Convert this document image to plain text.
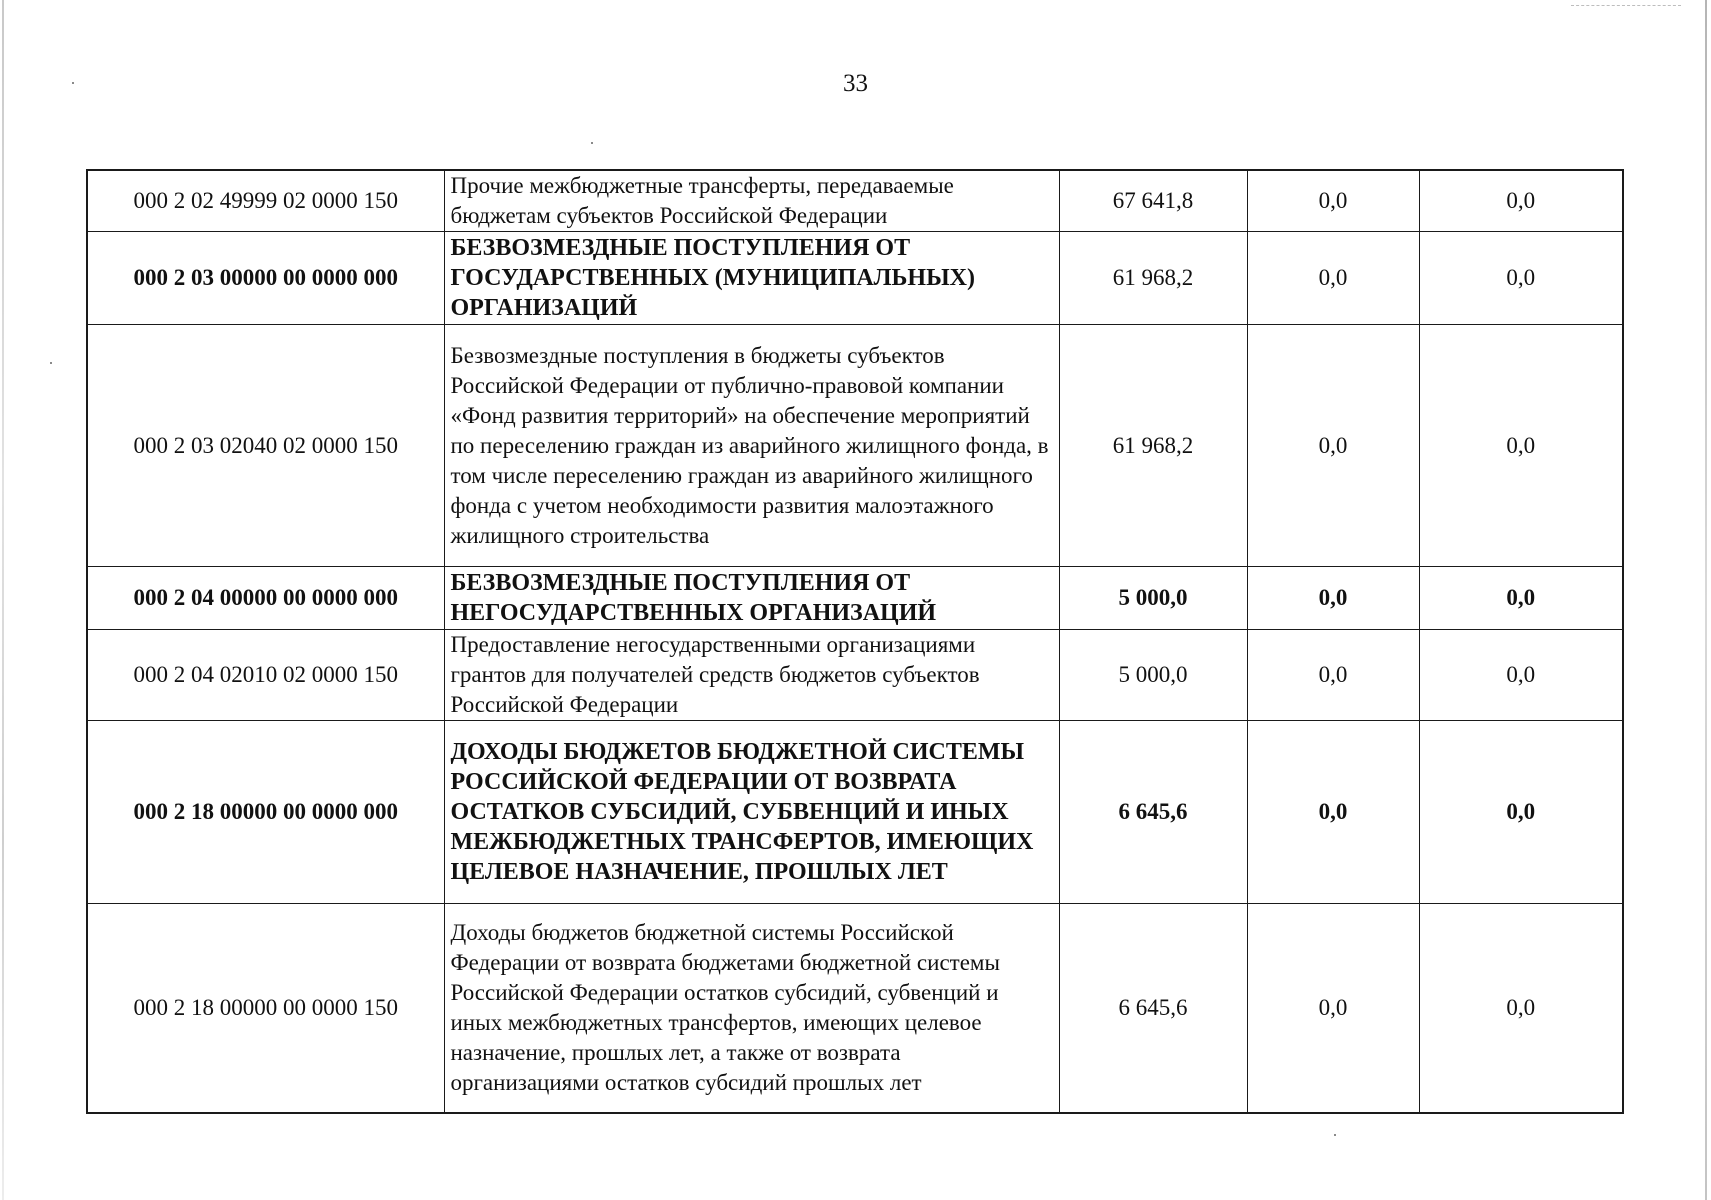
33
000 2 02 49999 02 0000 150	Прочие межбюджетные трансферты, передаваемые бюджетам субъектов Российской Федерации	67 641,8	0,0	0,0
000 2 03 00000 00 0000 000	БЕЗВОЗМЕЗДНЫЕ ПОСТУПЛЕНИЯ ОТ ГОСУДАРСТВЕННЫХ (МУНИЦИПАЛЬНЫХ) ОРГАНИЗАЦИЙ	61 968,2	0,0	0,0
000 2 03 02040 02 0000 150	Безвозмездные поступления в бюджеты субъектов Российской Федерации от публично-правовой компании «Фонд развития территорий» на обеспечение мероприятий по переселению граждан из аварийного жилищного фонда, в том числе переселению граждан из аварийного жилищного фонда с учетом необходимости развития малоэтажного жилищного строительства	61 968,2	0,0	0,0
000 2 04 00000 00 0000 000	БЕЗВОЗМЕЗДНЫЕ ПОСТУПЛЕНИЯ ОТ НЕГОСУДАРСТВЕННЫХ ОРГАНИЗАЦИЙ	5 000,0	0,0	0,0
000 2 04 02010 02 0000 150	Предоставление негосударственными организациями грантов для получателей средств бюджетов субъектов Российской Федерации	5 000,0	0,0	0,0
000 2 18 00000 00 0000 000	ДОХОДЫ БЮДЖЕТОВ БЮДЖЕТНОЙ СИСТЕМЫ РОССИЙСКОЙ ФЕДЕРАЦИИ ОТ ВОЗВРАТА ОСТАТКОВ СУБСИДИЙ, СУБВЕНЦИЙ И ИНЫХ МЕЖБЮДЖЕТНЫХ ТРАНСФЕРТОВ, ИМЕЮЩИХ ЦЕЛЕВОЕ НАЗНАЧЕНИЕ, ПРОШЛЫХ ЛЕТ	6 645,6	0,0	0,0
000 2 18 00000 00 0000 150	Доходы бюджетов бюджетной системы Российской Федерации от возврата бюджетами бюджетной системы Российской Федерации остатков субсидий, субвенций и иных межбюджетных трансфертов, имеющих целевое назначение, прошлых лет, а также от возврата организациями остатков субсидий прошлых лет	6 645,6	0,0	0,0
